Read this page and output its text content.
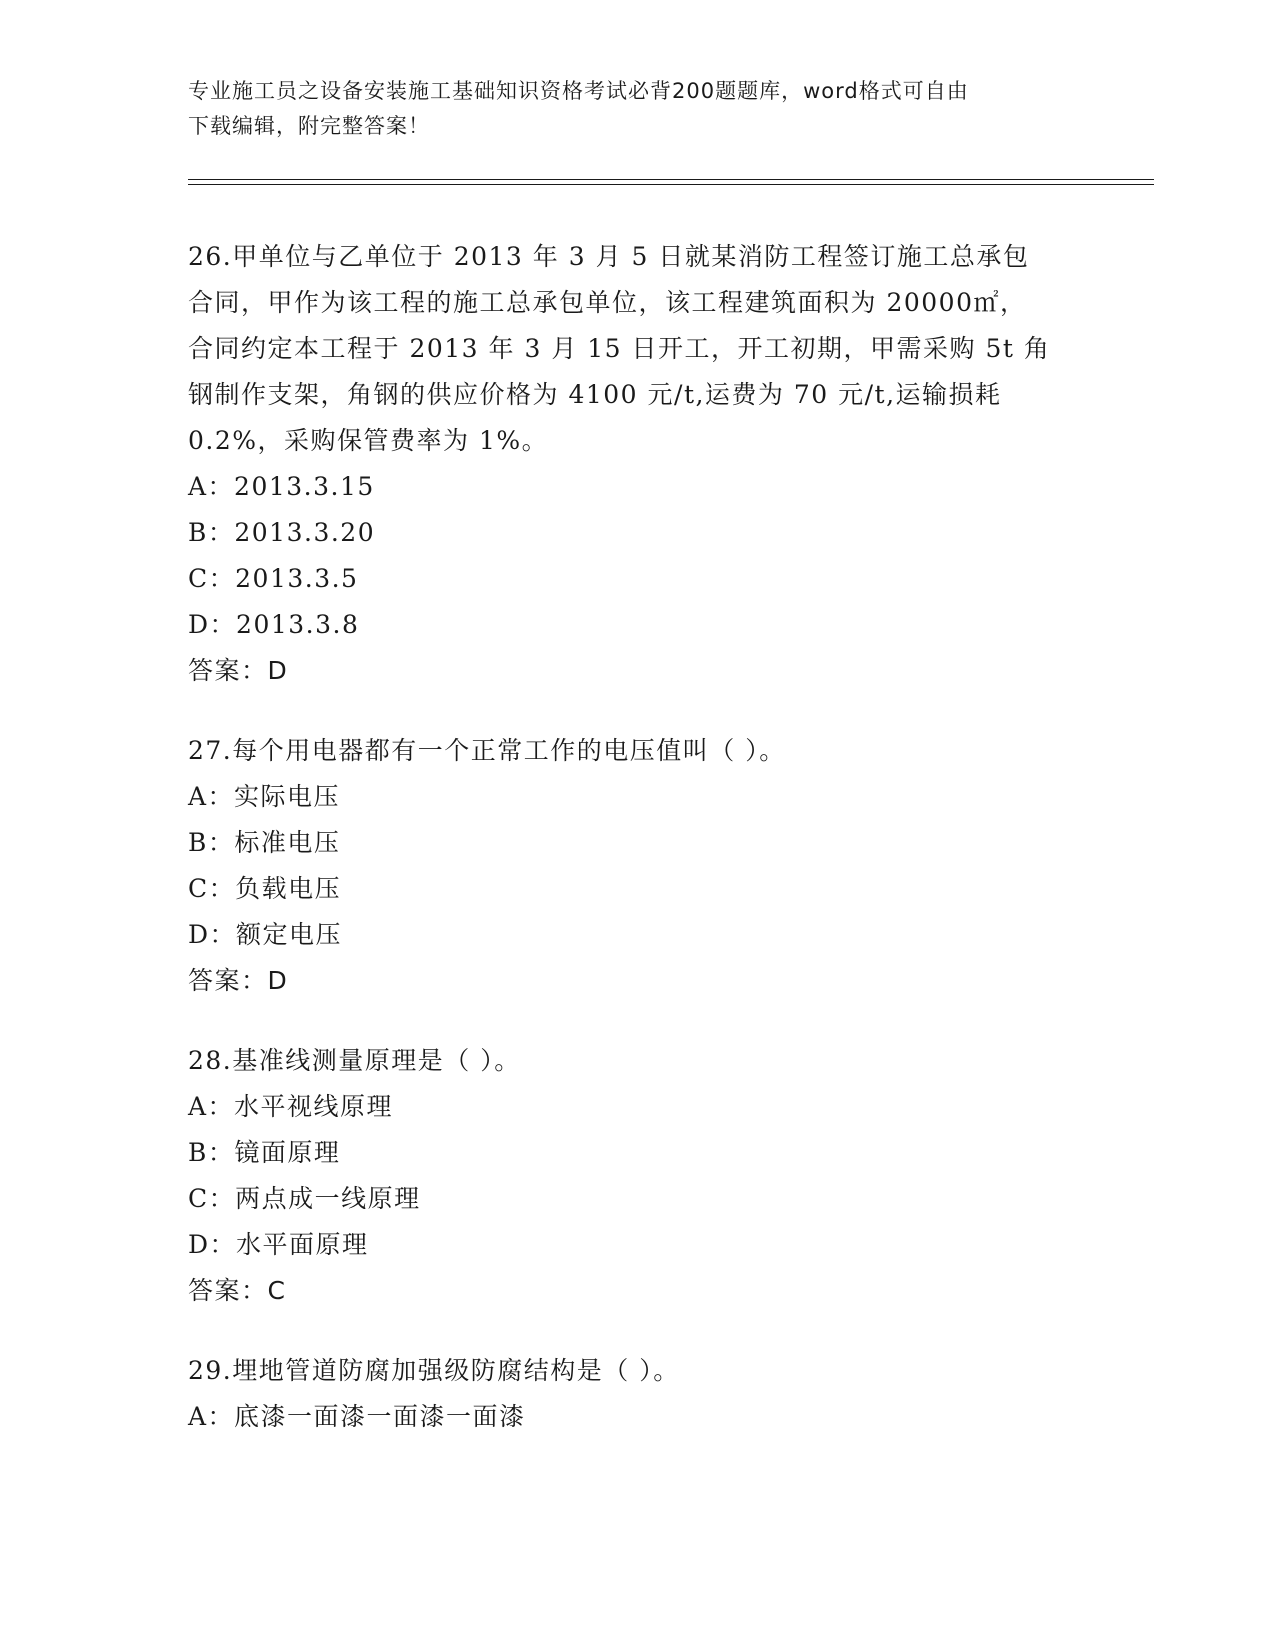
专业施工员之设备安装施工基础知识资格考试必背200题题库，word格式可自由
下载编辑，附完整答案！

26.甲单位与乙单位于 2013 年 3 月 5 日就某消防工程签订施工总承包

合同，甲作为该工程的施工总承包单位，该工程建筑面积为 20000㎡，

合同约定本工程于 2013 年 3 月 15 日开工，开工初期，甲需采购 5t 角

钢制作支架，角钢的供应价格为 4100 元/t,运费为 70 元/t,运输损耗

0.2%，采购保管费率为 1%。

A：2013.3.15

B：2013.3.20

C：2013.3.5

D：2013.3.8

答案：D

27.每个用电器都有一个正常工作的电压值叫（ ）。

A：实际电压

B：标准电压

C：负载电压

D：额定电压

答案：D

28.基准线测量原理是（ ）。

A：水平视线原理

B：镜面原理

C：两点成一线原理

D：水平面原理

答案：C

29.埋地管道防腐加强级防腐结构是（ ）。

A：底漆一面漆一面漆一面漆
